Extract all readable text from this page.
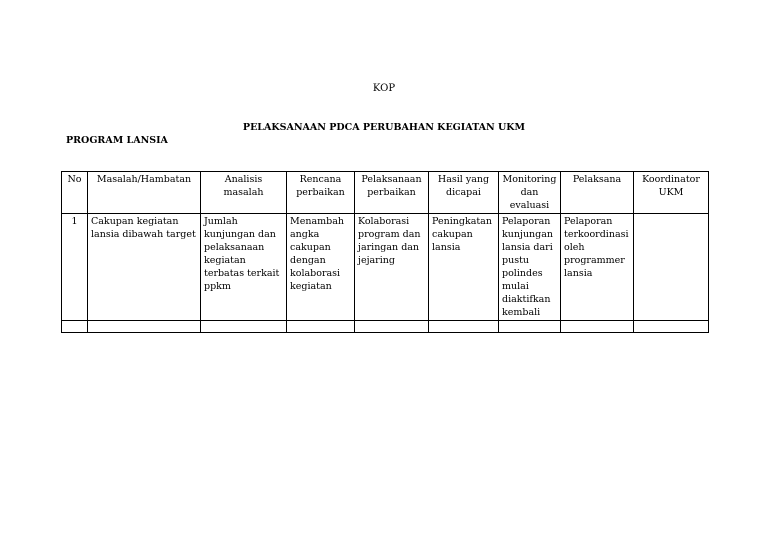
KOP
PELAKSANAAN PDCA PERUBAHAN KEGIATAN UKM
PROGRAM LANSIA
No	Masalah/Hambatan	Analisis masalah	Rencana perbaikan	Pelaksanaan perbaikan	Hasil yang dicapai	Monitoring dan evaluasi	Pelaksana	Koordinator UKM
1	Cakupan kegiatan lansia dibawah target	Jumlah kunjungan dan pelaksanaan kegiatan terbatas terkait ppkm	Menambah angka cakupan dengan kolaborasi kegiatan	Kolaborasi program dan jaringan dan jejaring	Peningkatan cakupan lansia	Pelaporan kunjungan lansia dari pustu polindes mulai diaktifkan kembali	Pelaporan terkoordinasi oleh programmer lansia	
